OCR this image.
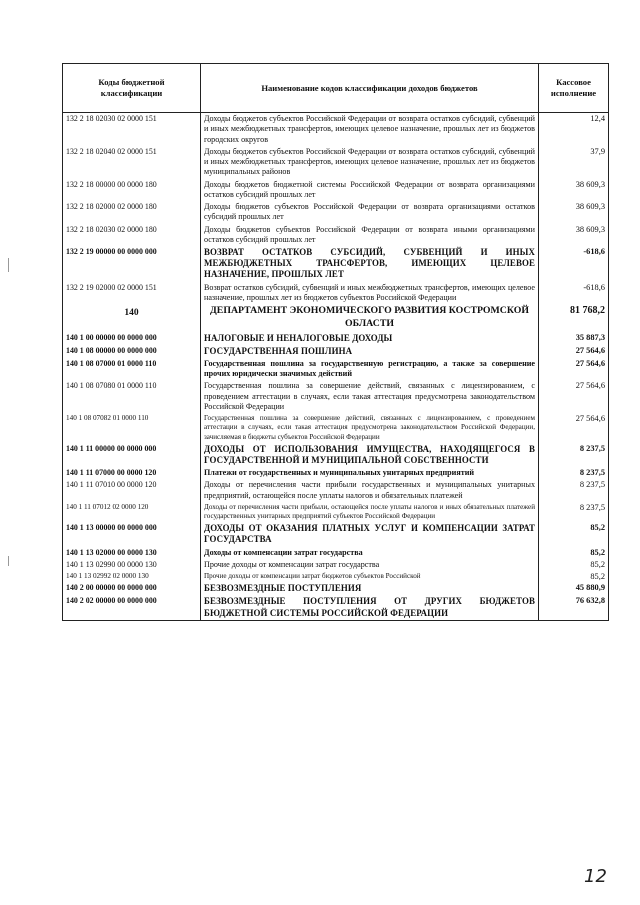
Коды бюджетной классификации	Наименование кодов классификации доходов бюджетов	Кассовое исполнение
132 2 18 02030 02 0000 151	Доходы бюджетов субъектов Российской Федерации от возврата остатков субсидий, субвенций и иных межбюджетных трансфертов, имеющих целевое назначение, прошлых лет из бюджетов городских округов	12,4
132 2 18 02040 02 0000 151	Доходы бюджетов субъектов Российской Федерации от возврата остатков субсидий, субвенций и иных межбюджетных трансфертов, имеющих целевое назначение, прошлых лет из бюджетов муниципальных районов	37,9
132 2 18 00000 00 0000 180	Доходы бюджетов бюджетной системы Российской Федерации от возврата организациями остатков субсидий прошлых лет	38 609,3
132 2 18 02000 02 0000 180	Доходы бюджетов субъектов Российской Федерации от возврата организациями остатков субсидий прошлых лет	38 609,3
132 2 18 02030 02 0000 180	Доходы бюджетов субъектов Российской Федерации от возврата иными организациями остатков субсидий прошлых лет	38 609,3
132 2 19 00000 00 0000 000	ВОЗВРАТ ОСТАТКОВ СУБСИДИЙ, СУБВЕНЦИЙ И ИНЫХ МЕЖБЮДЖЕТНЫХ ТРАНСФЕРТОВ, ИМЕЮЩИХ ЦЕЛЕВОЕ НАЗНАЧЕНИЕ, ПРОШЛЫХ ЛЕТ	-618,6
132 2 19 02000 02 0000 151	Возврат остатков субсидий, субвенций и иных межбюджетных трансфертов, имеющих целевое назначение, прошлых лет из бюджетов субъектов Российской Федерации	-618,6
140	ДЕПАРТАМЕНТ ЭКОНОМИЧЕСКОГО РАЗВИТИЯ КОСТРОМСКОЙ ОБЛАСТИ	81 768,2
140 1 00 00000 00 0000 000	НАЛОГОВЫЕ И НЕНАЛОГОВЫЕ ДОХОДЫ	35 887,3
140 1 08 00000 00 0000 000	ГОСУДАРСТВЕННАЯ ПОШЛИНА	27 564,6
140 1 08 07000 01 0000 110	Государственная пошлина за государственную регистрацию, а также за совершение прочих юридически значимых действий	27 564,6
140 1 08 07080 01 0000 110	Государственная пошлина за совершение действий, связанных с лицензированием, с проведением аттестации в случаях, если такая аттестация предусмотрена законодательством Российской Федерации	27 564,6
140 1 08 07082 01 0000 110	Государственная пошлина за совершение действий, связанных с лицензированием, с проведением аттестации в случаях, если такая аттестация предусмотрена законодательством Российской Федерации, зачисляемая в бюджеты субъектов Российской Федерации	27 564,6
140 1 11 00000 00 0000 000	ДОХОДЫ ОТ ИСПОЛЬЗОВАНИЯ ИМУЩЕСТВА, НАХОДЯЩЕГОСЯ В ГОСУДАРСТВЕННОЙ И МУНИЦИПАЛЬНОЙ СОБСТВЕННОСТИ	8 237,5
140 1 11 07000 00 0000 120	Платежи от государственных и муниципальных унитарных предприятий	8 237,5
140 1 11 07010 00 0000 120	Доходы от перечисления части прибыли государственных и муниципальных унитарных предприятий, остающейся после уплаты налогов и обязательных платежей	8 237,5
140 1 11 07012 02 0000 120	Доходы от перечисления части прибыли, остающейся после уплаты налогов и иных обязательных платежей государственных унитарных предприятий субъектов Российской Федерации	8 237,5
140 1 13 00000 00 0000 000	ДОХОДЫ ОТ ОКАЗАНИЯ ПЛАТНЫХ УСЛУГ И КОМПЕНСАЦИИ ЗАТРАТ ГОСУДАРСТВА	85,2
140 1 13 02000 00 0000 130	Доходы от компенсации затрат государства	85,2
140 1 13 02990 00 0000 130	Прочие доходы от компенсации затрат государства	85,2
140 1 13 02992 02 0000 130	Прочие доходы от компенсации затрат бюджетов субъектов Российской	85,2
140 2 00 00000 00 0000 000	БЕЗВОЗМЕЗДНЫЕ ПОСТУПЛЕНИЯ	45 880,9
140 2 02 00000 00 0000 000	БЕЗВОЗМЕЗДНЫЕ ПОСТУПЛЕНИЯ ОТ ДРУГИХ БЮДЖЕТОВ БЮДЖЕТНОЙ СИСТЕМЫ РОССИЙСКОЙ ФЕДЕРАЦИИ	76 632,8
12
